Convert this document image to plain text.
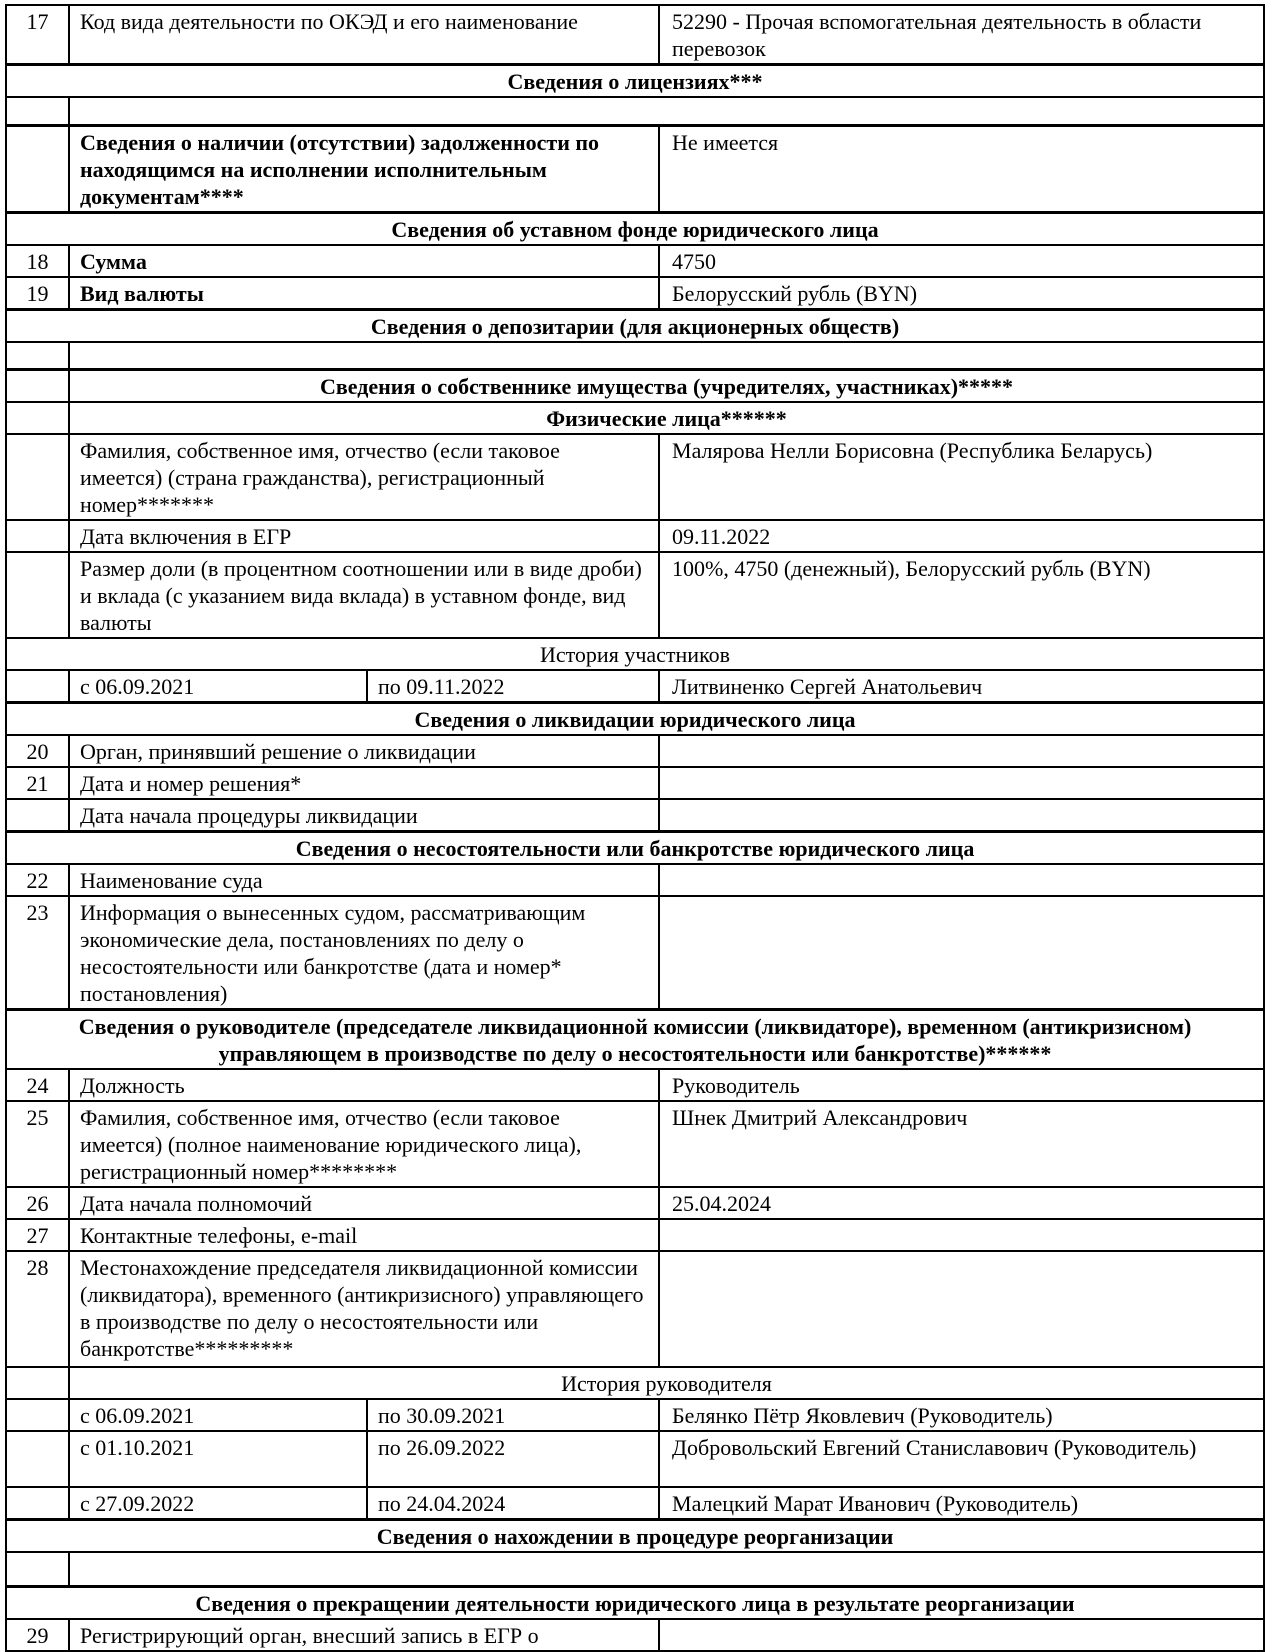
17	Код вида деятельности по ОКЭД и его наименование		52290 - Прочая вспомогательная деятельность в области перевозок
Сведения о лицензиях***			

	Сведения о наличии (отсутствии) задолженности по находящимся на исполнении исполнительным документам****		Не имеется
Сведения об уставном фонде юридического лица			
18	Сумма		4750
19	Вид валюты		Белорусский рубль (BYN)
Сведения о депозитарии (для акционерных обществ)			

	Сведения о собственнике имущества (учредителях, участниках)*****		
	Физические лица******		
	Фамилия, собственное имя, отчество (если таковое имеется) (страна гражданства), регистрационный номер*******		Малярова Нелли Борисовна (Республика Беларусь)
	Дата включения в ЕГР		09.11.2022
	Размер доли (в процентном соотношении или в виде дроби) и вклада (с указанием вида вклада) в уставном фонде, вид валюты		100%, 4750 (денежный), Белорусский рубль (BYN)
История участников			
	с 06.09.2021	по 09.11.2022	Литвиненко Сергей Анатольевич
Сведения о ликвидации юридического лица			
20	Орган, принявший решение о ликвидации		
21	Дата и номер решения*		
	Дата начала процедуры ликвидации		
Сведения о несостоятельности или банкротстве юридического лица			
22	Наименование суда		
23	Информация о вынесенных судом, рассматривающим экономические дела, постановлениях по делу о несостоятельности или банкротстве (дата и номер* постановления)		
Сведения о руководителе (председателе ликвидационной комиссии (ликвидаторе), временном (антикризисном) управляющем в производстве по делу о несостоятельности или банкротстве)******			
24	Должность		Руководитель
25	Фамилия, собственное имя, отчество (если таковое имеется) (полное наименование юридического лица), регистрационный номер********		Шнек Дмитрий Александрович
26	Дата начала полномочий		25.04.2024
27	Контактные телефоны, e-mail		
28	Местонахождение председателя ликвидационной комиссии (ликвидатора), временного (антикризисного) управляющего в производстве по делу о несостоятельности или банкротстве*********		
	История руководителя		
	с 06.09.2021	по 30.09.2021	Белянко Пётр Яковлевич (Руководитель)
	с 01.10.2021	по 26.09.2022	Добровольский Евгений Станиславович (Руководитель)
	с 27.09.2022	по 24.04.2024	Малецкий Марат Иванович (Руководитель)
Сведения о нахождении в процедуре реорганизации			

Сведения о прекращении деятельности юридического лица в результате реорганизации			
29	Регистрирующий орган, внесший запись в ЕГР о		
